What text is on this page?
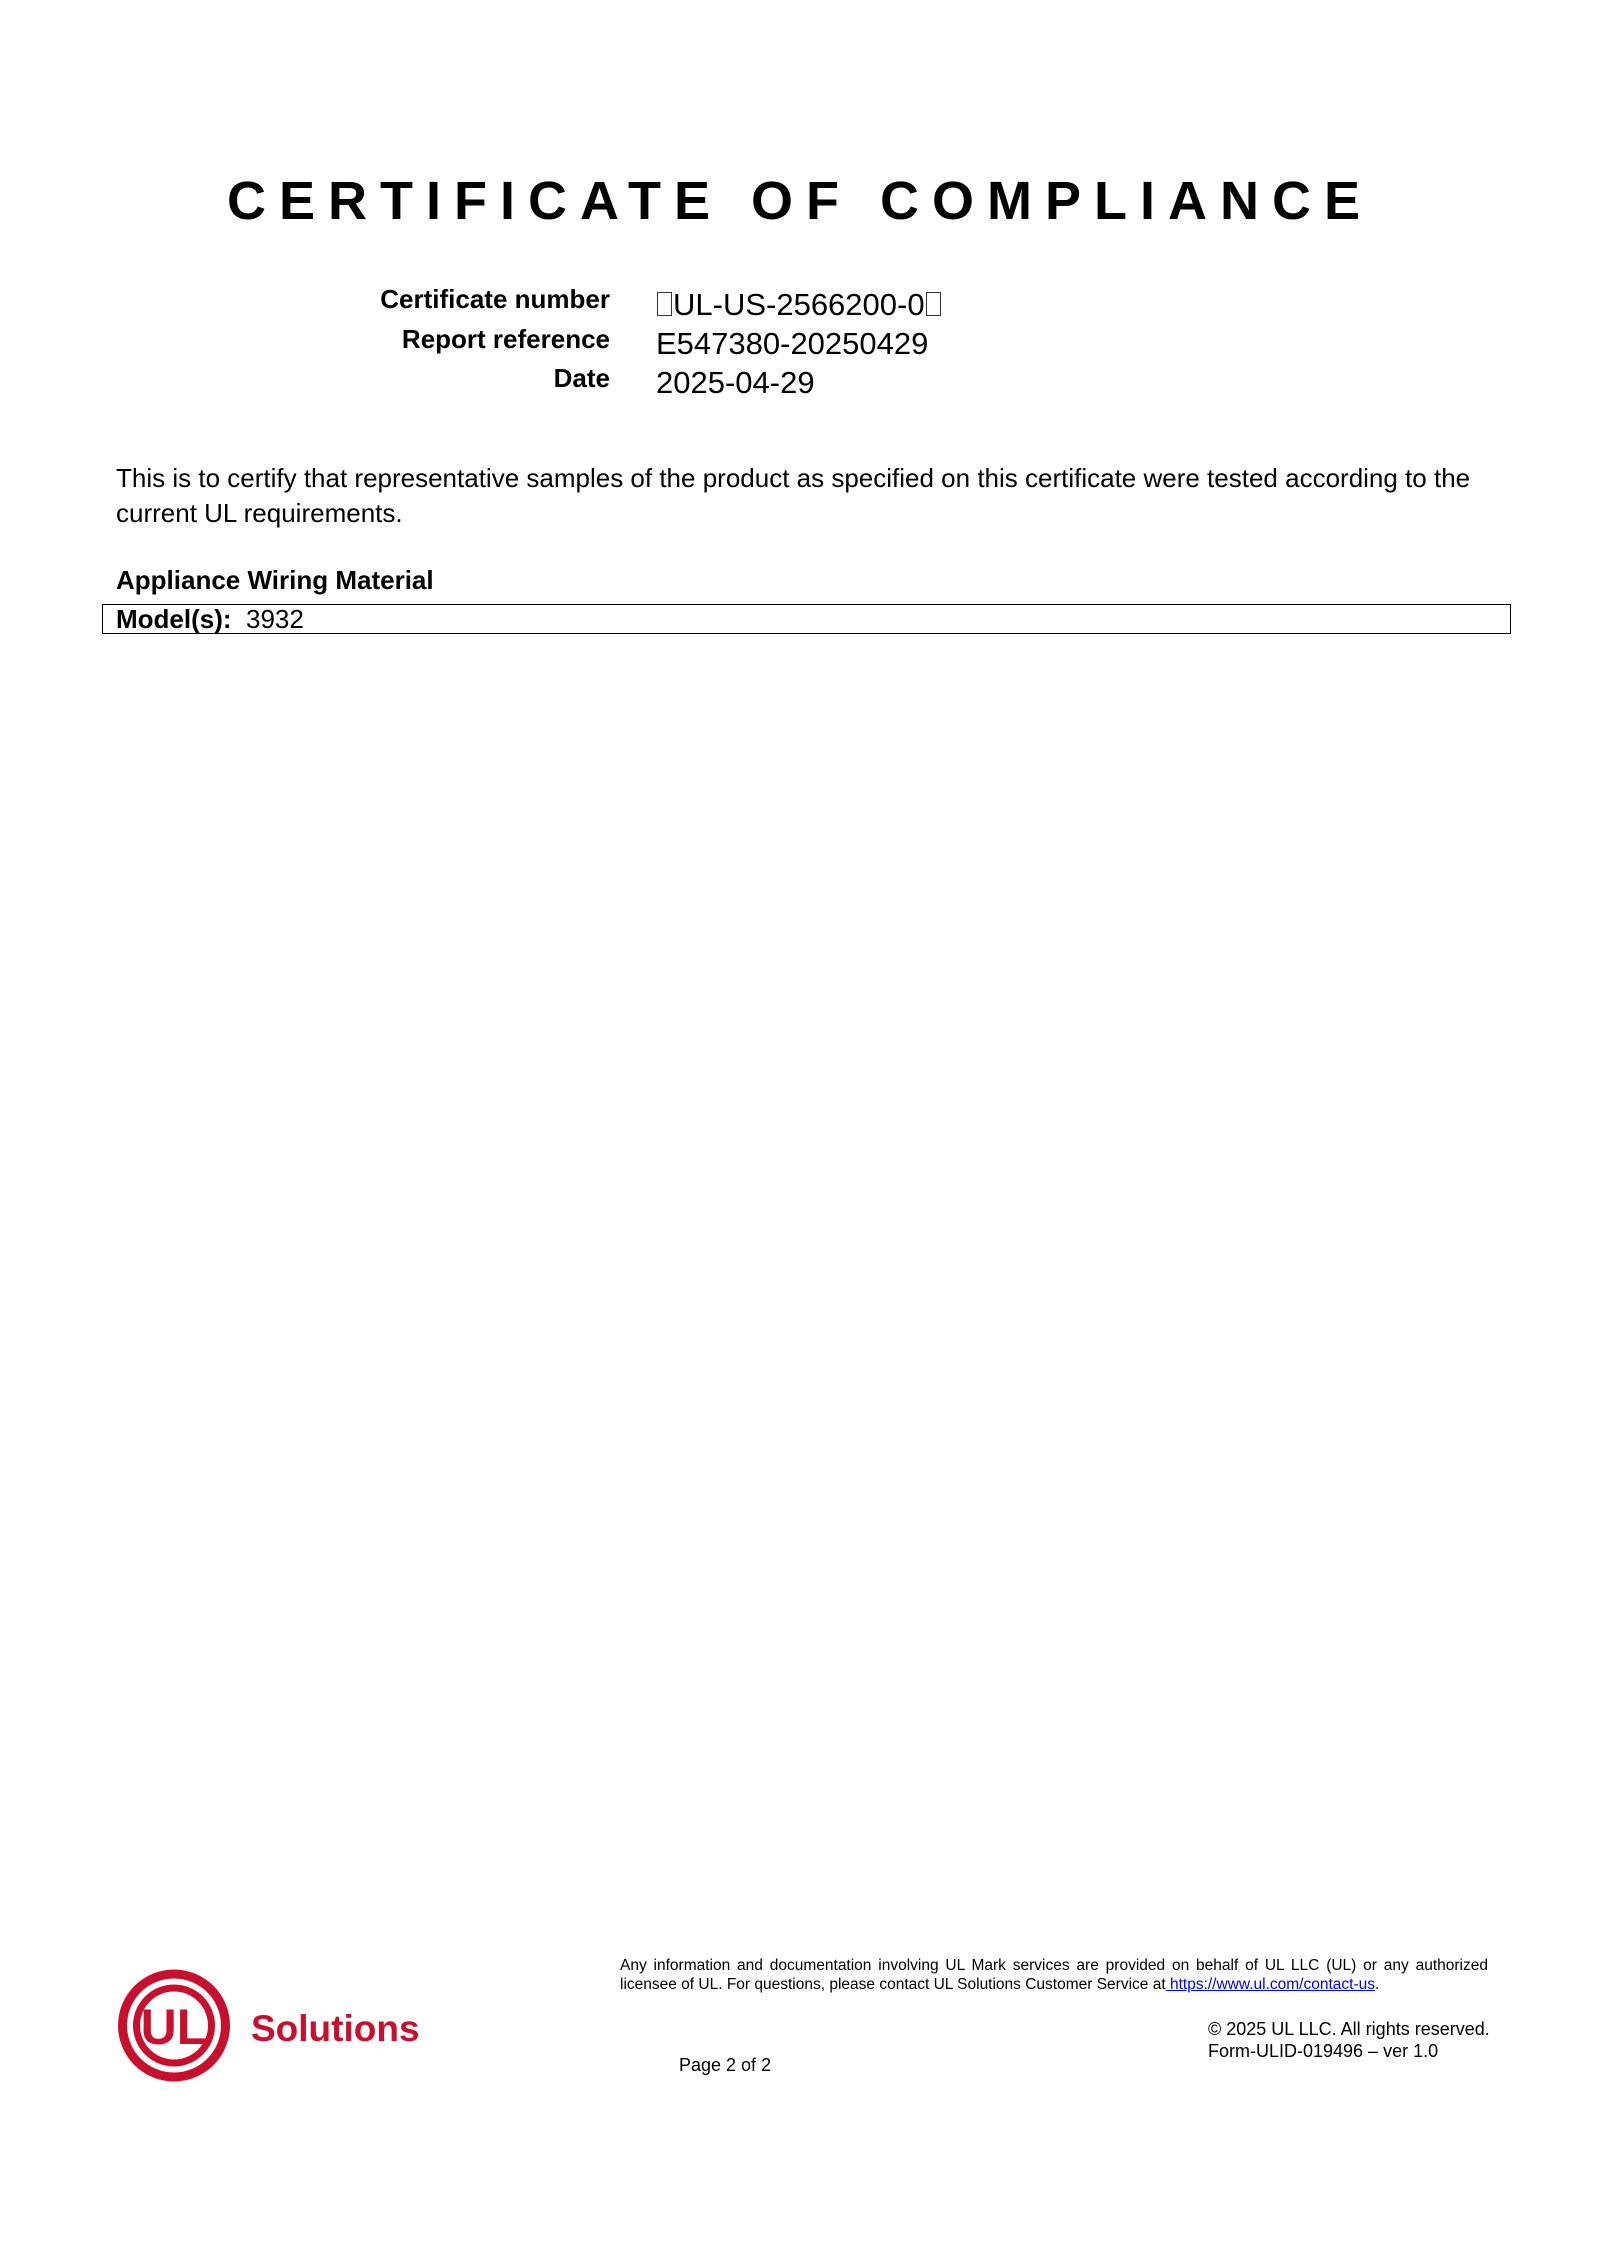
CERTIFICATE OF COMPLIANCE
Certificate number	UL-US-2566200-0
Report reference E547380-20250429
Date 2025-04-29
This is to certify that representative samples of the product as specified on this certificate were tested according to the current UL requirements.
Appliance Wiring Material
Model(s): 3932
UL Solutions
Any information and documentation involving UL Mark services are provided on behalf of UL LLC (UL) or any authorized licensee of UL. For questions, please contact UL Solutions Customer Service at https://www.ul.com/contact-us.
© 2025 UL LLC. All rights reserved.
Form-ULID-019496 – ver 1.0
Page 2 of 2
